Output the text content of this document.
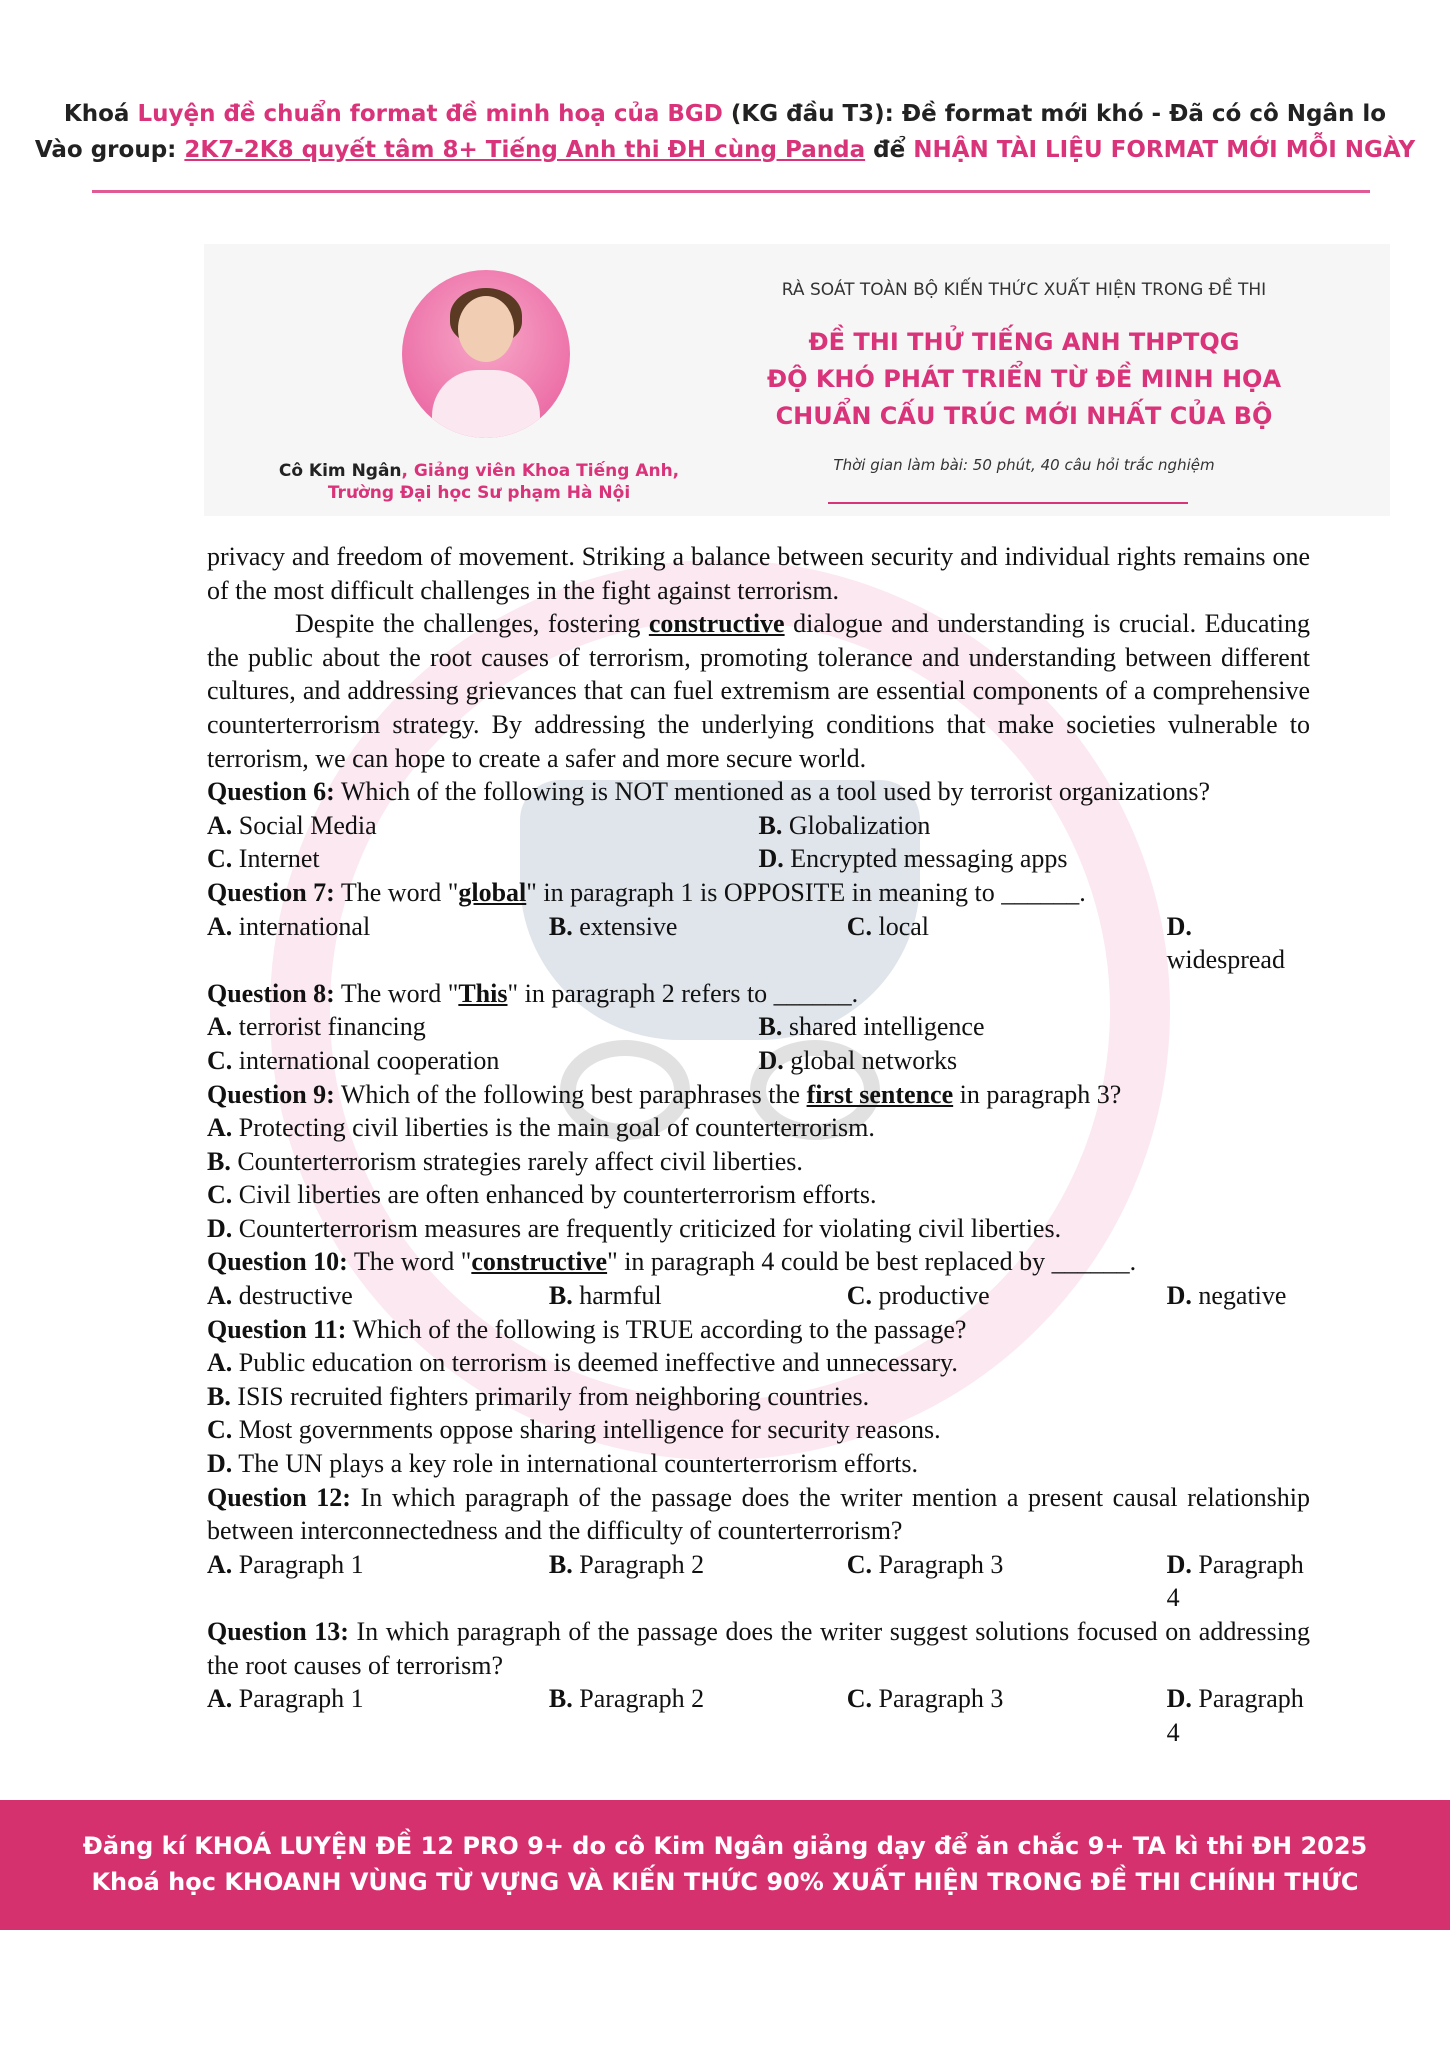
Khoá Luyện đề chuẩn format đề minh hoạ của BGD (KG đầu T3): Đề format mới khó - Đã có cô Ngân lo
Vào group: 2K7-2K8 quyết tâm 8+ Tiếng Anh thi ĐH cùng Panda để NHẬN TÀI LIỆU FORMAT MỚI MỖI NGÀY
Cô Kim Ngân, Giảng viên Khoa Tiếng Anh,
Trường Đại học Sư phạm Hà Nội
RÀ SOÁT TOÀN BỘ KIẾN THỨC XUẤT HIỆN TRONG ĐỀ THI
ĐỀ THI THỬ TIẾNG ANH THPTQG
ĐỘ KHÓ PHÁT TRIỂN TỪ ĐỀ MINH HỌA
CHUẨN CẤU TRÚC MỚI NHẤT CỦA BỘ
Thời gian làm bài: 50 phút, 40 câu hỏi trắc nghiệm

privacy and freedom of movement. Striking a balance between security and individual rights remains one of the most difficult challenges in the fight against terrorism.

Despite the challenges, fostering constructive dialogue and understanding is crucial. Educating the public about the root causes of terrorism, promoting tolerance and understanding between different cultures, and addressing grievances that can fuel extremism are essential components of a comprehensive counterterrorism strategy. By addressing the underlying conditions that make societies vulnerable to terrorism, we can hope to create a safer and more secure world.

Question 6: Which of the following is NOT mentioned as a tool used by terrorist organizations?

A. Social Media	B. Globalization
C. Internet	D. Encrypted messaging apps

Question 7: The word "global" in paragraph 1 is OPPOSITE in meaning to ______.

A. international	B. extensive	C. local	D. widespread

Question 8: The word "This" in paragraph 2 refers to ______.

A. terrorist financing	B. shared intelligence
C. international cooperation	D. global networks

Question 9: Which of the following best paraphrases the first sentence in paragraph 3?

A. Protecting civil liberties is the main goal of counterterrorism.
B. Counterterrorism strategies rarely affect civil liberties.
C. Civil liberties are often enhanced by counterterrorism efforts.
D. Counterterrorism measures are frequently criticized for violating civil liberties.

Question 10: The word "constructive" in paragraph 4 could be best replaced by ______.

A. destructive	B. harmful	C. productive	D. negative

Question 11: Which of the following is TRUE according to the passage?

A. Public education on terrorism is deemed ineffective and unnecessary.
B. ISIS recruited fighters primarily from neighboring countries.
C. Most governments oppose sharing intelligence for security reasons.
D. The UN plays a key role in international counterterrorism efforts.

Question 12: In which paragraph of the passage does the writer mention a present causal relationship between interconnectedness and the difficulty of counterterrorism?

A. Paragraph 1	B. Paragraph 2	C. Paragraph 3	D. Paragraph 4

Question 13: In which paragraph of the passage does the writer suggest solutions focused on addressing the root causes of terrorism?

A. Paragraph 1	B. Paragraph 2	C. Paragraph 3	D. Paragraph 4
Đăng kí KHOÁ LUYỆN ĐỀ 12 PRO 9+ do cô Kim Ngân giảng dạy để ăn chắc 9+ TA kì thi ĐH 2025
Khoá học KHOANH VÙNG TỪ VỰNG VÀ KIẾN THỨC 90% XUẤT HIỆN TRONG ĐỀ THI CHÍNH THỨC
